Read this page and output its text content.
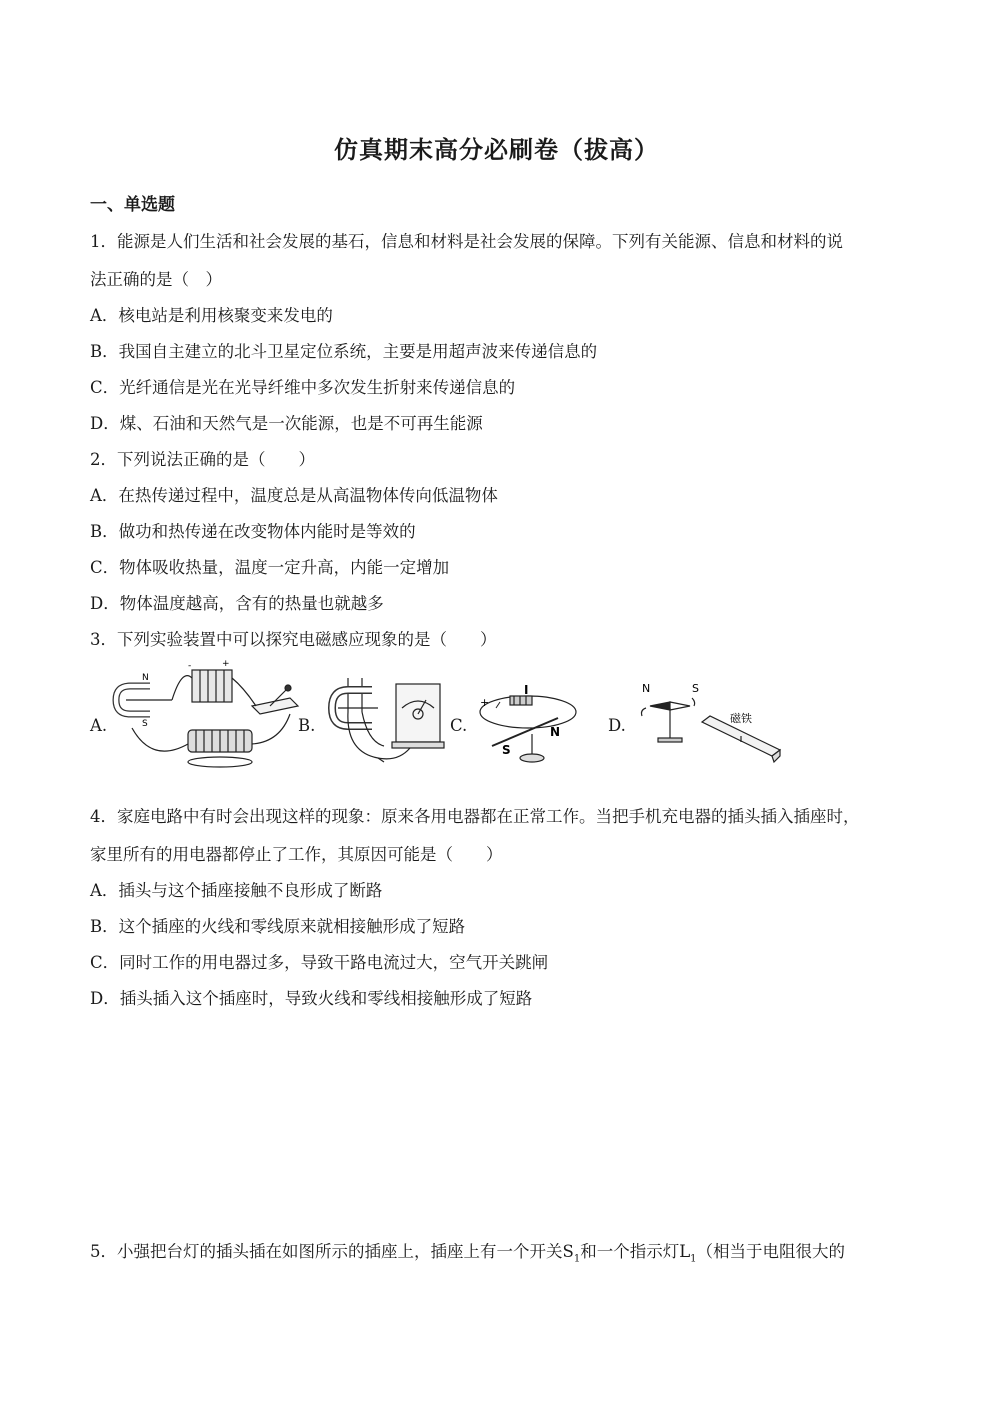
仿真期末高分必刷卷（拔高）
一、单选题
1．能源是人们生活和社会发展的基石，信息和材料是社会发展的保障。下列有关能源、信息和材料的说
法正确的是（　）
A．核电站是利用核聚变来发电的
B．我国自主建立的北斗卫星定位系统，主要是用超声波来传递信息的
C．光纤通信是光在光导纤维中多次发生折射来传递信息的
D．煤、石油和天然气是一次能源，也是不可再生能源
2．下列说法正确的是（　　）
A．在热传递过程中，温度总是从高温物体传向低温物体
B．做功和热传递在改变物体内能时是等效的
C．物体吸收热量，温度一定升高，内能一定增加
D．物体温度越高，含有的热量也就越多
3．下列实验装置中可以探究电磁感应现象的是（　　）
A.	B.	C.	D.
N
S
+
-
I
S
N
+
N	S
磁铁
4．家庭电路中有时会出现这样的现象：原来各用电器都在正常工作。当把手机充电器的插头插入插座时，
家里所有的用电器都停止了工作，其原因可能是（　　）
A．插头与这个插座接触不良形成了断路
B．这个插座的火线和零线原来就相接触形成了短路
C．同时工作的用电器过多，导致干路电流过大，空气开关跳闸
D．插头插入这个插座时，导致火线和零线相接触形成了短路
5．小强把台灯的插头插在如图所示的插座上，插座上有一个开关$S_1$和一个指示灯$L_1$（相当于电阻很大的
